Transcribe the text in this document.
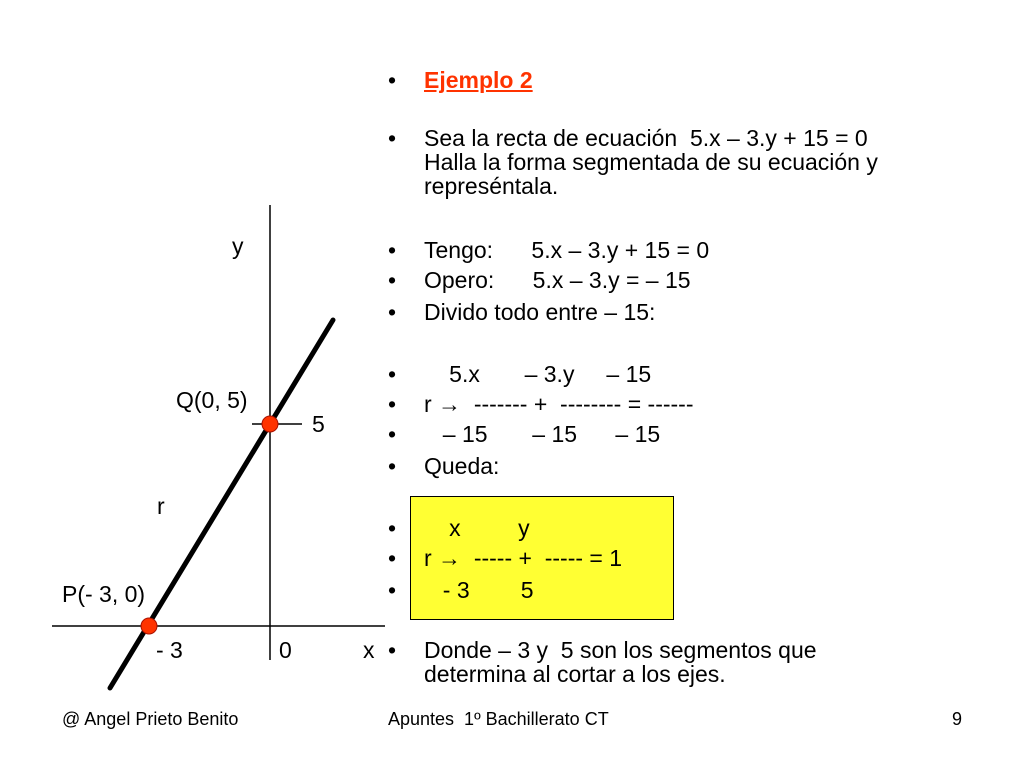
y
Q(0, 5)
5
r
P(- 3, 0)
- 3	0	x
•
•
•
•
•
•
•
•
•
•
•
•
•
Ejemplo 2
Sea la recta de ecuación  5.x – 3.y + 15 = 0
Halla la forma segmentada de su ecuación y
represéntala.
Tengo:      5.x – 3.y + 15 = 0
Opero:      5.x – 3.y = – 15
Divido todo entre – 15:
5.x       – 3.y     – 15
r →  ------- +  -------- = ------
– 15       – 15      – 15
Queda:
x         y
r →  ----- +  ----- = 1
- 3        5
Donde – 3 y  5 son los segmentos que
determina al cortar a los ejes.
@ Angel Prieto Benito	Apuntes  1º Bachillerato CT	9
